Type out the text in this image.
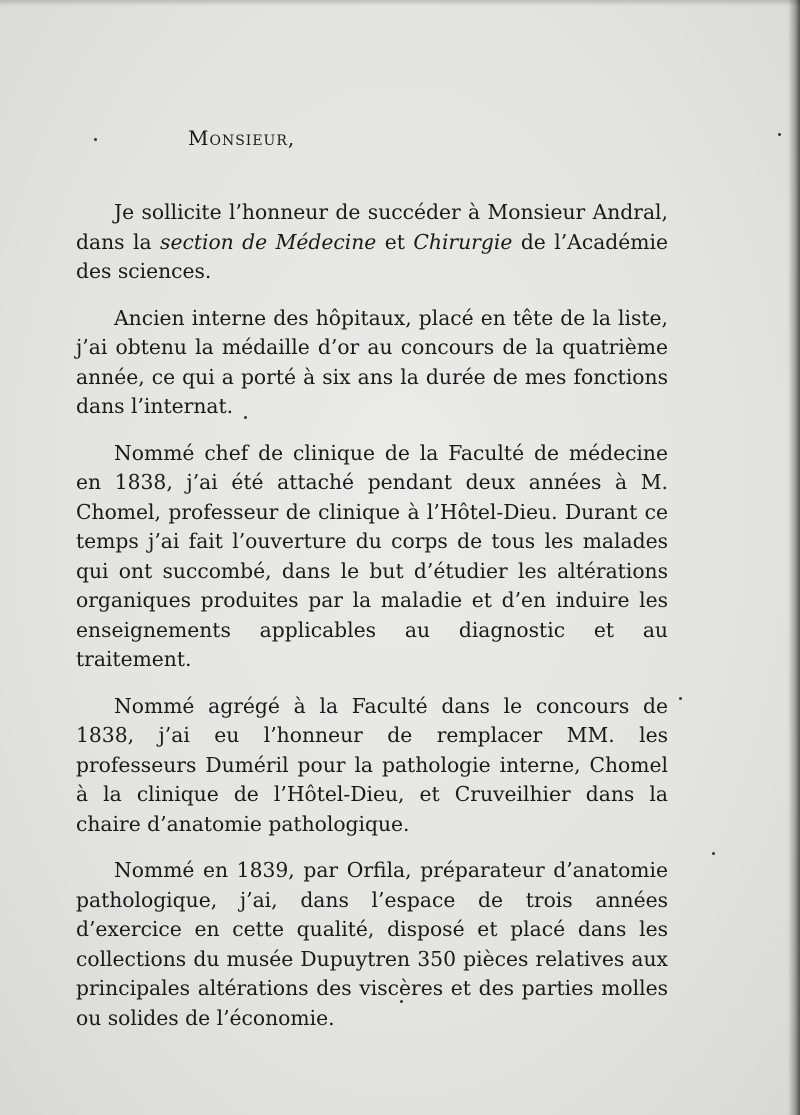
Monsieur,

Je sollicite l’honneur de succéder à Monsieur Andral, dans la section de Médecine et Chirurgie de l’Académie des sciences.

Ancien interne des hôpitaux, placé en tête de la liste, j’ai obtenu la médaille d’or au concours de la quatrième année, ce qui a porté à six ans la durée de mes fonctions dans l’internat.

Nommé chef de clinique de la Faculté de médecine en 1838, j’ai été attaché pendant deux années à M. Chomel, professeur de clinique à l’Hôtel-Dieu. Durant ce temps j’ai fait l’ouverture du corps de tous les malades qui ont succombé, dans le but d’étudier les altérations organiques produites par la maladie et d’en induire les enseignements applicables au diagnostic et au traitement.

Nommé agrégé à la Faculté dans le concours de 1838, j’ai eu l’honneur de remplacer MM. les professeurs Duméril pour la pathologie interne, Chomel à la clinique de l’Hôtel-Dieu, et Cruveilhier dans la chaire d’anatomie pathologique.

Nommé en 1839, par Orfila, préparateur d’anatomie pathologique, j’ai, dans l’espace de trois années d’exercice en cette qualité, disposé et placé dans les collections du musée Dupuytren 350 pièces relatives aux principales altérations des viscères et des parties molles ou solides de l’économie.
